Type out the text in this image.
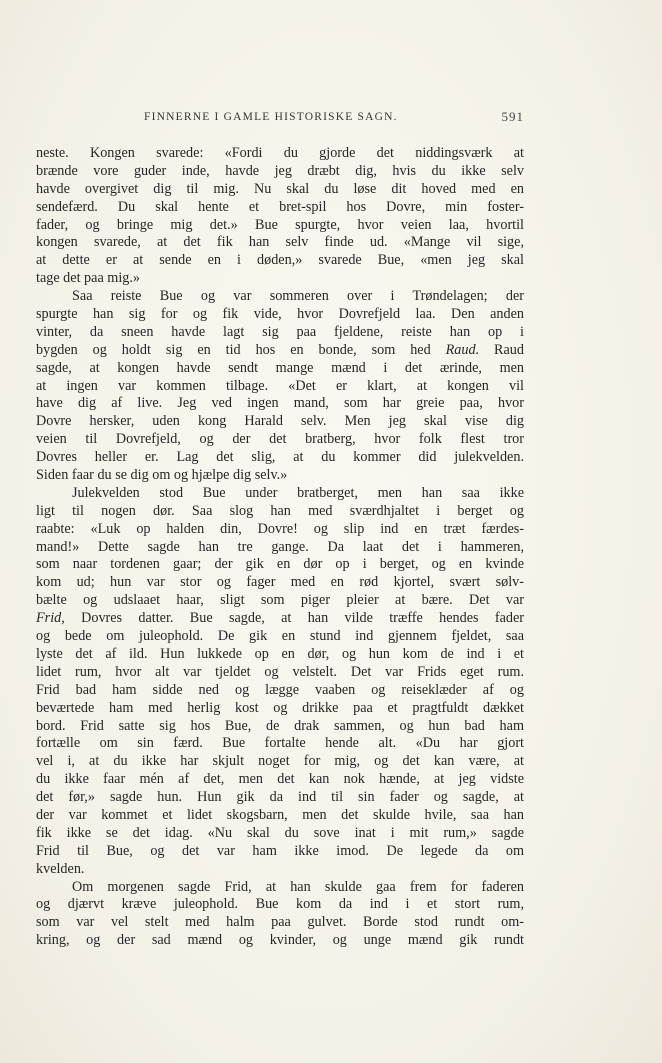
FINNERNE I GAMLE HISTORISKE SAGN.	591
neste. Kongen svarede: «Fordi du gjorde det niddingsværk at
brænde vore guder inde, havde jeg dræbt dig, hvis du ikke selv
havde overgivet dig til mig. Nu skal du løse dit hoved med en
sendefærd. Du skal hente et bret-spil hos Dovre, min foster-
fader, og bringe mig det.» Bue spurgte, hvor veien laa, hvortil
kongen svarede, at det fik han selv finde ud. «Mange vil sige,
at dette er at sende en i døden,» svarede Bue, «men jeg skal
tage det paa mig.»
Saa reiste Bue og var sommeren over i Trøndelagen; der
spurgte han sig for og fik vide, hvor Dovrefjeld laa. Den anden
vinter, da sneen havde lagt sig paa fjeldene, reiste han op i
bygden og holdt sig en tid hos en bonde, som hed Raud. Raud
sagde, at kongen havde sendt mange mænd i det ærinde, men
at ingen var kommen tilbage. «Det er klart, at kongen vil
have dig af live. Jeg ved ingen mand, som har greie paa, hvor
Dovre hersker, uden kong Harald selv. Men jeg skal vise dig
veien til Dovrefjeld, og der det bratberg, hvor folk flest tror
Dovres heller er. Lag det slig, at du kommer did julekvelden.
Siden faar du se dig om og hjælpe dig selv.»
Julekvelden stod Bue under bratberget, men han saa ikke
ligt til nogen dør. Saa slog han med sværdhjaltet i berget og
raabte: «Luk op halden din, Dovre! og slip ind en træt færdes-
mand!» Dette sagde han tre gange. Da laat det i hammeren,
som naar tordenen gaar; der gik en dør op i berget, og en kvinde
kom ud; hun var stor og fager med en rød kjortel, svært sølv-
bælte og udslaaet haar, sligt som piger pleier at bære. Det var
Frid, Dovres datter. Bue sagde, at han vilde træffe hendes fader
og bede om juleophold. De gik en stund ind gjennem fjeldet, saa
lyste det af ild. Hun lukkede op en dør, og hun kom de ind i et
lidet rum, hvor alt var tjeldet og velstelt. Det var Frids eget rum.
Frid bad ham sidde ned og lægge vaaben og reiseklæder af og
beværtede ham med herlig kost og drikke paa et pragtfuldt dækket
bord. Frid satte sig hos Bue, de drak sammen, og hun bad ham
fortælle om sin færd. Bue fortalte hende alt. «Du har gjort
vel i, at du ikke har skjult noget for mig, og det kan være, at
du ikke faar mén af det, men det kan nok hænde, at jeg vidste
det før,» sagde hun. Hun gik da ind til sin fader og sagde, at
der var kommet et lidet skogsbarn, men det skulde hvile, saa han
fik ikke se det idag. «Nu skal du sove inat i mit rum,» sagde
Frid til Bue, og det var ham ikke imod. De legede da om
kvelden.
Om morgenen sagde Frid, at han skulde gaa frem for faderen
og djærvt kræve juleophold. Bue kom da ind i et stort rum,
som var vel stelt med halm paa gulvet. Borde stod rundt om-
kring, og der sad mænd og kvinder, og unge mænd gik rundt
